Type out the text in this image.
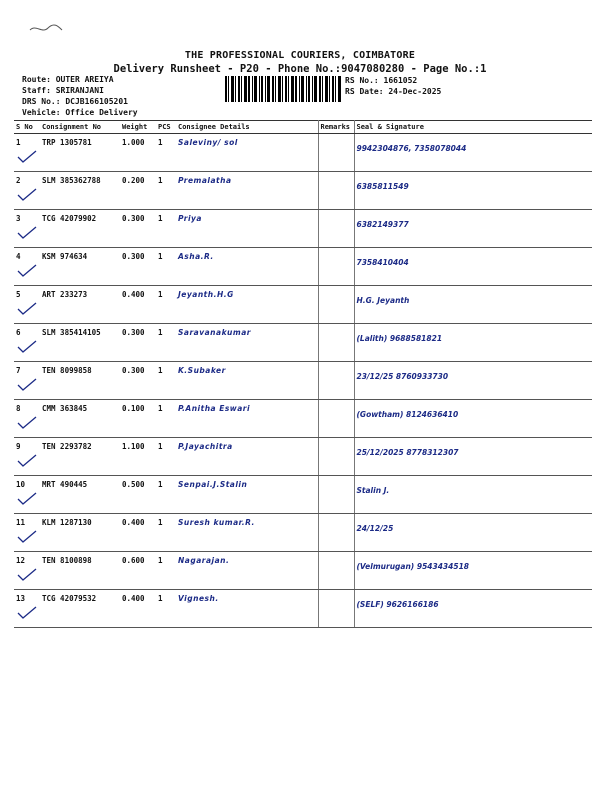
THE PROFESSIONAL COURIERS, COIMBATORE
Delivery Runsheet - P20 - Phone No.:9047080280 - Page No.:1
Route: OUTER AREIYA
Staff: SRIRANJANI
DRS No.: DCJB166105201
Vehicle: Office Delivery
RS No.: 1661052
RS Date: 24-Dec-2025
S No	Consignment No	Weight	PCS	Consignee Details	Remarks	Seal & Signature
1	TRP 1305781	1.000	1	Saleviny/ sol		9942304876, 7358078044
2	SLM 385362788	0.200	1	Premalatha		6385811549
3	TCG 42079902	0.300	1	Priya		6382149377
4	KSM 974634	0.300	1	Asha.R.		7358410404
5	ART 233273	0.400	1	Jeyanth.H.G		H.G. Jeyanth
6	SLM 385414105	0.300	1	Saravanakumar		(Lalith) 9688581821
7	TEN 8099858	0.300	1	K.Subaker		23/12/25 8760933730
8	CMM 363845	0.100	1	P.Anitha Eswari		(Gowtham) 8124636410
9	TEN 2293782	1.100	1	P.Jayachitra		25/12/2025 8778312307
10	MRT 490445	0.500	1	Senpai.J.Stalin		Stalin J.
11	KLM 1287130	0.400	1	Suresh kumar.R.		24/12/25
12	TEN 8100898	0.600	1	Nagarajan.		(Velmurugan) 9543434518
13	TCG 42079532	0.400	1	Vignesh.		(SELF) 9626166186
